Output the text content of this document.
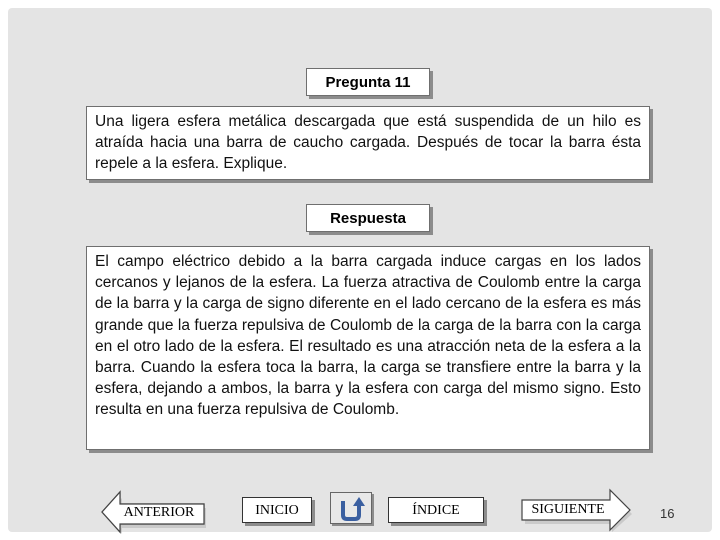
Pregunta 11
Una ligera esfera metálica descargada que está suspendida de un hilo es atraída hacia una barra de caucho cargada. Después de tocar la barra ésta repele a la esfera. Explique.
Respuesta
El campo eléctrico debido a la barra cargada induce cargas en los lados cercanos y lejanos de la esfera. La fuerza atractiva de Coulomb entre la carga de la barra y la carga de signo diferente en el lado cercano de la esfera es más grande que la fuerza repulsiva de Coulomb de la carga de la barra con la carga en el otro lado de la esfera. El resultado es una atracción neta de la esfera a la barra. Cuando la esfera toca la barra, la carga se transfiere entre la barra y la esfera, dejando a ambos, la barra y la esfera con carga del mismo signo. Esto resulta en una fuerza repulsiva de Coulomb.
ANTERIOR	INICIO	ÍNDICE	SIGUIENTE	16
